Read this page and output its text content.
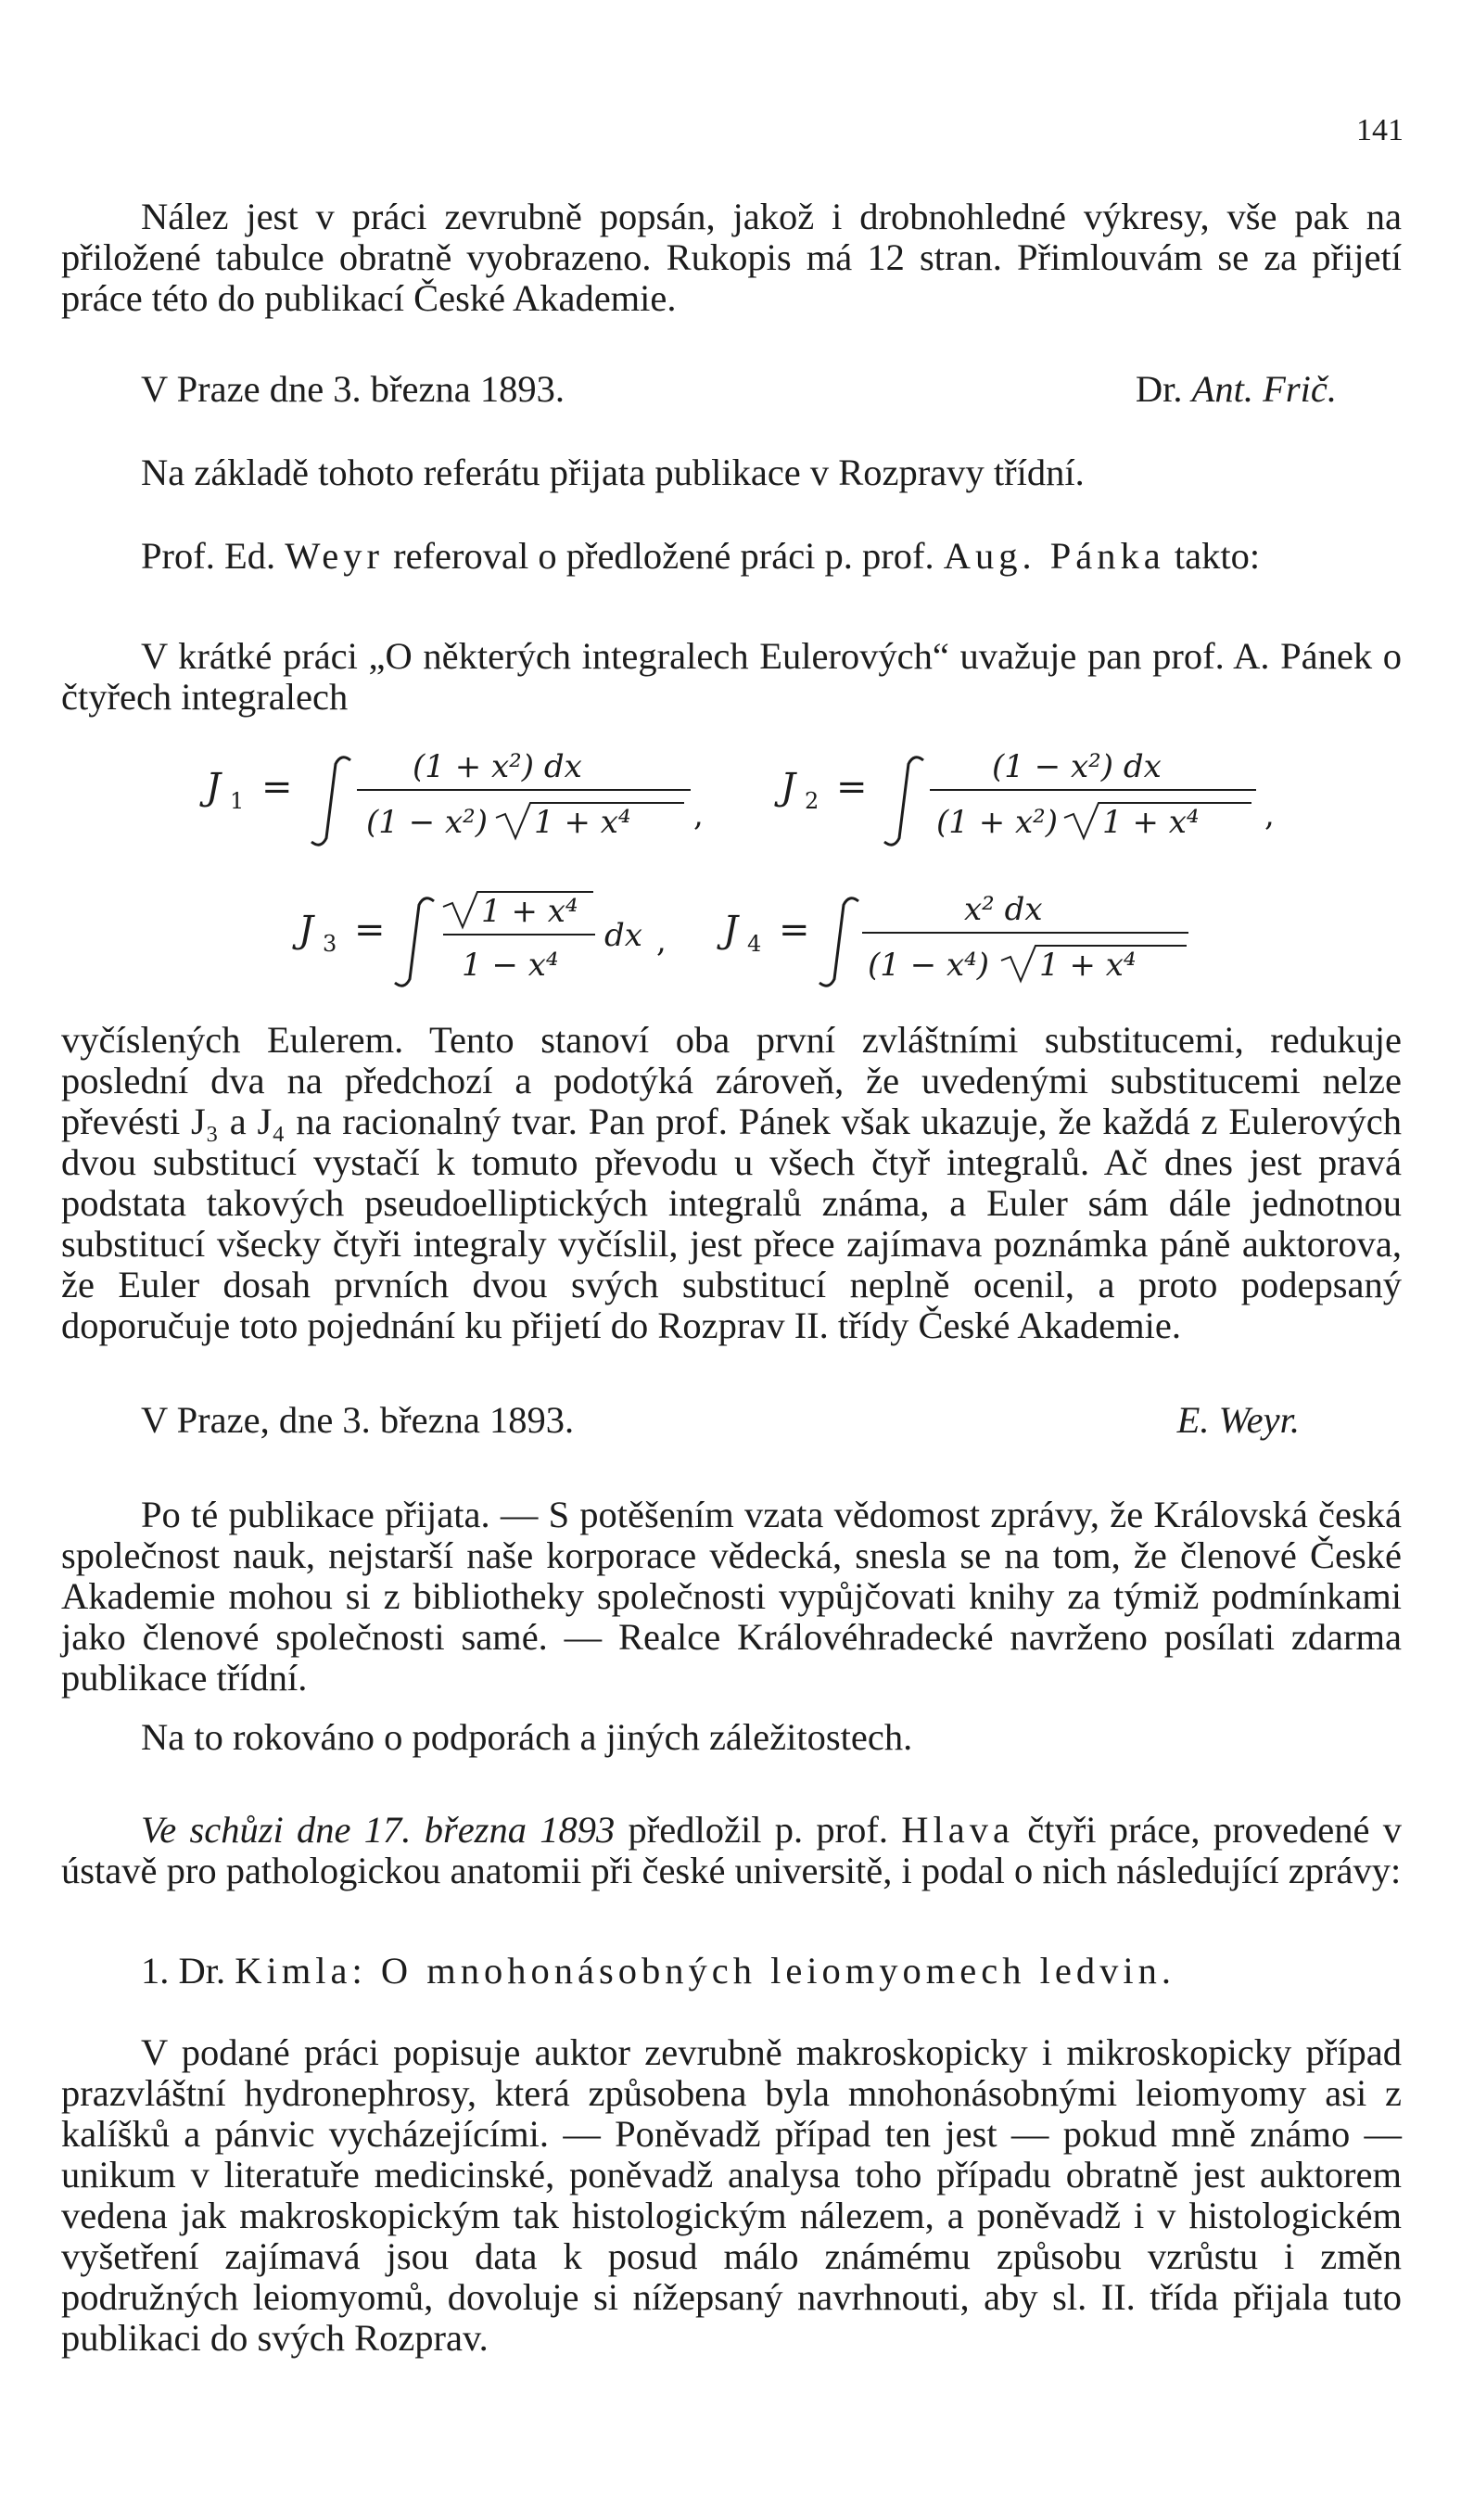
141

Nález jest v práci zevrubně popsán, jakož i drobnohledné výkresy, vše pak na přiložené tabulce obratně vyobrazeno. Rukopis má 12 stran. Přimlouvám se za přijetí práce této do publikací České Akademie.

V Praze dne 3. března 1893.	Dr. Ant. Frič.

Na základě tohoto referátu přijata publikace v Rozpravy třídní.

Prof. Ed. Weyr referoval o předložené práci p. prof. Aug. Pánka takto:

V krátké práci „O některých integralech Eulerových“ uvažuje pan prof. A. Pánek o čtyřech integralech

J 1 =	(1 + x²) dx
(1 − x²) 1 + x⁴ ,
J 2 =	(1 − x²) dx
(1 + x²) 1 + x⁴ ,
J 3 =	1 + x⁴
1 − x⁴
dx , J 4 =	x² dx
(1 − x⁴) 1 + x⁴

vyčíslených Eulerem. Tento stanoví oba první zvláštními substitucemi, redukuje poslední dva na předchozí a podotýká zároveň, že uvedenými substitucemi nelze převésti J₃ a J₄ na racionalný tvar. Pan prof. Pánek však ukazuje, že každá z Eulerových dvou substitucí vystačí k tomuto převodu u všech čtyř integralů. Ač dnes jest pravá podstata takových pseudoelliptických integralů známa, a Euler sám dále jednotnou substitucí všecky čtyři integraly vyčíslil, jest přece zajímava poznámka páně auktorova, že Euler dosah prvních dvou svých substitucí neplně ocenil, a proto podepsaný doporučuje toto pojednání ku přijetí do Rozprav II. třídy České Akademie.

V Praze, dne 3. března 1893.	E. Weyr.

Po té publikace přijata. — S potěšením vzata vědomost zprávy, že Královská česká společnost nauk, nejstarší naše korporace vědecká, snesla se na tom, že členové České Akademie mohou si z bibliotheky společnosti vypůjčovati knihy za týmiž podmínkami jako členové společnosti samé. — Realce Královéhradecké navrženo posílati zdarma publikace třídní.

Na to rokováno o podporách a jiných záležitostech.

Ve schůzi dne 17. března 1893 předložil p. prof. Hlava čtyři práce, provedené v ústavě pro pathologickou anatomii při české universitě, i podal o nich následující zprávy:

1. Dr. Kimla: O mnohonásobných leiomyomech ledvin.

V podané práci popisuje auktor zevrubně makroskopicky i mikroskopicky případ prazvláštní hydronephrosy, která způsobena byla mnohonásobnými leiomyomy asi z kalíšků a pánvic vycházejícími. — Poněvadž případ ten jest — pokud mně známo — unikum v literatuře medicinské, poněvadž analysa toho případu obratně jest auktorem vedena jak makroskopickým tak histologickým nálezem, a poněvadž i v histologickém vyšetření zajímavá jsou data k posud málo známému způsobu vzrůstu i změn podružných leiomyomů, dovoluje si nížepsaný navrhnouti, aby sl. II. třída přijala tuto publikaci do svých Rozprav.
